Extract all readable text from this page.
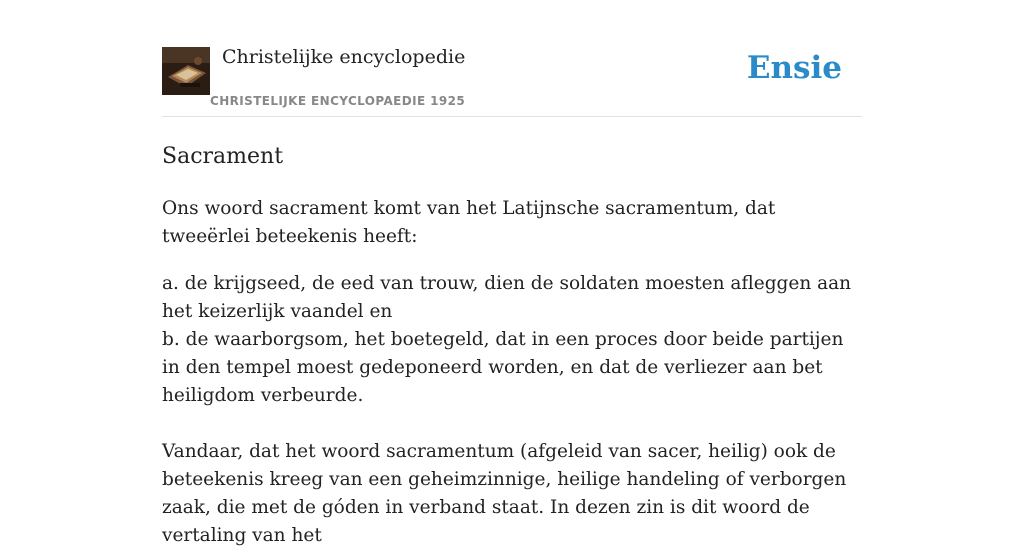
Christelijke encyclopedie
CHRISTELIJKE ENCYCLOPAEDIE 1925
Ensie
Sacrament

Ons woord sacrament komt van het Latijnsche sacramentum, dat tweeërlei beteekenis heeft:

a. de krijgseed, de eed van trouw, dien de soldaten moesten afleggen aan het keizerlijk vaandel en
b. de waarborgsom, het boetegeld, dat in een proces door beide partijen in den tempel moest gedeponeerd worden, en dat de verliezer aan bet heiligdom verbeurde.

Vandaar, dat het woord sacramentum (afgeleid van sacer, heilig) ook de beteekenis kreeg van een geheimzinnige, heilige handeling of verborgen zaak, die met de góden in verband staat. In dezen zin is dit woord de vertaling van het
